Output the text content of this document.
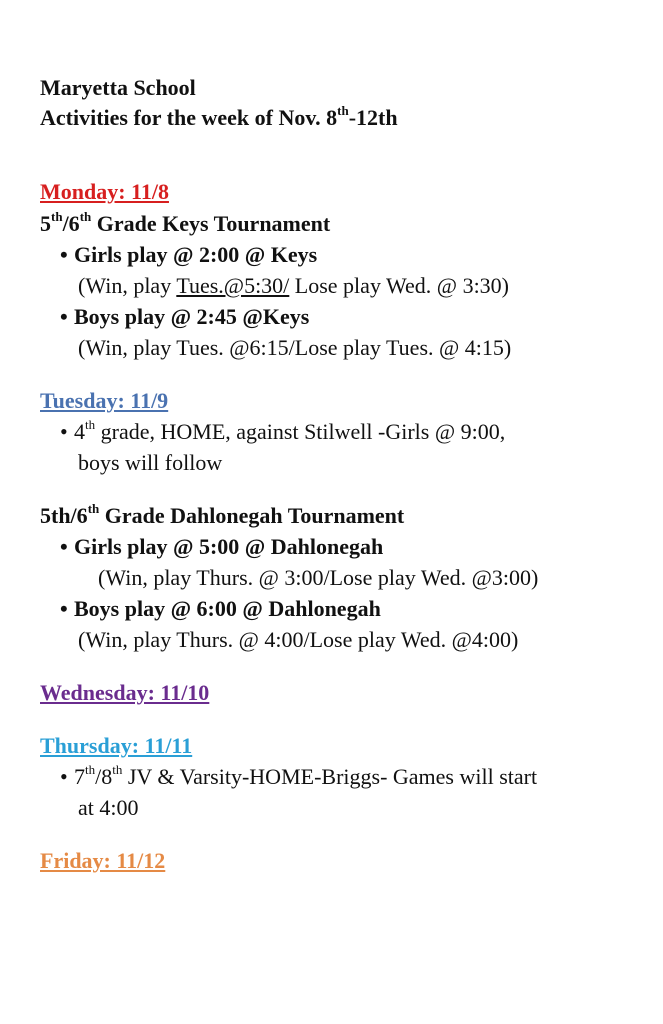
Maryetta School
Activities for the week of Nov. 8th-12th
Monday: 11/8
5th/6th Grade Keys Tournament
• Girls play @ 2:00 @ Keys
(Win, play Tues.@5:30/ Lose play Wed. @ 3:30)
• Boys play @ 2:45 @Keys
(Win, play Tues. @6:15/Lose play Tues. @ 4:15)
Tuesday: 11/9
• 4th grade, HOME, against Stilwell -Girls @ 9:00,
boys will follow
5th/6th Grade Dahlonegah Tournament
• Girls play @ 5:00 @ Dahlonegah
(Win, play Thurs. @ 3:00/Lose play Wed. @3:00)
• Boys play @ 6:00 @ Dahlonegah
(Win, play Thurs. @ 4:00/Lose play Wed. @4:00)
Wednesday: 11/10
Thursday: 11/11
• 7th/8th JV & Varsity-HOME-Briggs- Games will start
at 4:00
Friday: 11/12
